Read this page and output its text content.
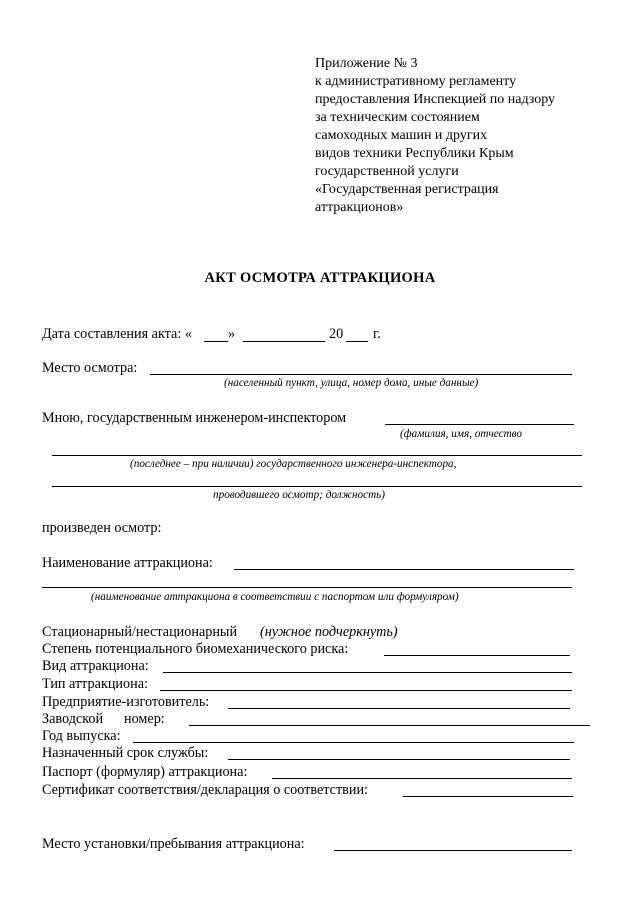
Приложение № 3
к административному регламенту
предоставления Инспекцией по надзору
за техническим состоянием
самоходных машин и других
видов техники Республики Крым
государственной услуги
«Государственная регистрация
аттракционов»
АКТ ОСМОТРА АТТРАКЦИОНА
Дата составления акта: «	»	20 г.
Место осмотра:
(населенный пункт, улица, номер дома, иные данные)
Мною, государственным инженером-инспектором
(фамилия, имя, отчество
(последнее – при наличии) государственного инженера-инспектора,
проводившего осмотр; должность)
произведен осмотр:
Наименование аттракциона:
(наименование аттракциона в соответствии с паспортом или формуляром)
Стационарный/нестационарный (нужное подчеркнуть)
Степень потенциального биомеханического риска:
Вид аттракциона:
Тип аттракциона:
Предприятие-изготовитель:
Заводской номер:
Год выпуска:
Назначенный срок службы:
Паспорт (формуляр) аттракциона:
Сертификат соответствия/декларация о соответствии:
Место установки/пребывания аттракциона:
